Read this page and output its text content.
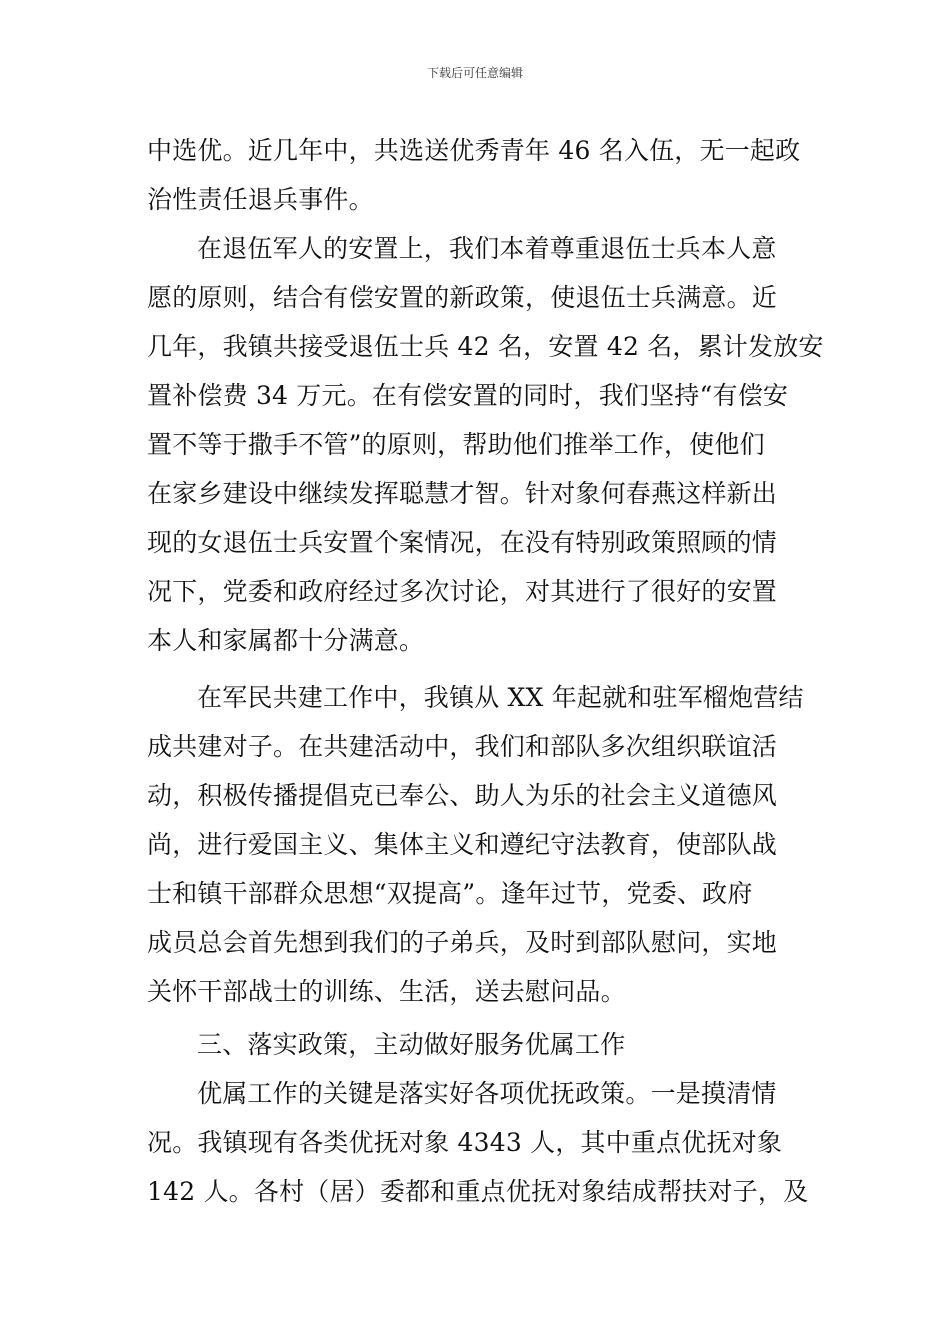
下载后可任意编辑
中选优。近几年中，共选送优秀青年 46 名入伍，无一起政
治性责任退兵事件。
在退伍军人的安置上，我们本着尊重退伍士兵本人意
愿的原则，结合有偿安置的新政策，使退伍士兵满意。近
几年，我镇共接受退伍士兵 42 名，安置 42 名，累计发放安
置补偿费 34 万元。在有偿安置的同时，我们坚持“有偿安
置不等于撒手不管”的原则，帮助他们推举工作，使他们
在家乡建设中继续发挥聪慧才智。针对象何春燕这样新出
现的女退伍士兵安置个案情况，在没有特别政策照顾的情
况下，党委和政府经过多次讨论，对其进行了很好的安置
本人和家属都十分满意。
在军民共建工作中，我镇从 XX 年起就和驻军榴炮营结
成共建对子。在共建活动中，我们和部队多次组织联谊活
动，积极传播提倡克已奉公、助人为乐的社会主义道德风
尚，进行爱国主义、集体主义和遵纪守法教育，使部队战
士和镇干部群众思想“双提高”。逢年过节，党委、政府
成员总会首先想到我们的子弟兵，及时到部队慰问，实地
关怀干部战士的训练、生活，送去慰问品。
三、落实政策，主动做好服务优属工作
优属工作的关键是落实好各项优抚政策。一是摸清情
况。我镇现有各类优抚对象 4343 人，其中重点优抚对象
142 人。各村（居）委都和重点优抚对象结成帮扶对子，及
